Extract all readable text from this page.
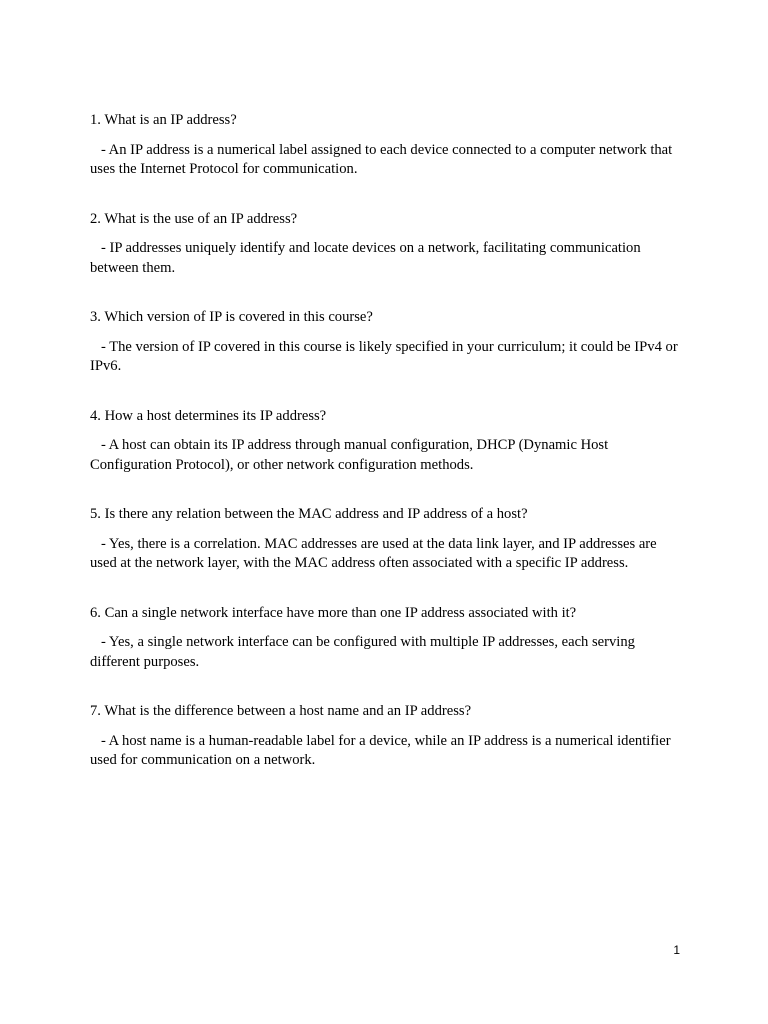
1. What is an IP address?

- An IP address is a numerical label assigned to each device connected to a computer network that uses the Internet Protocol for communication.

2. What is the use of an IP address?

- IP addresses uniquely identify and locate devices on a network, facilitating communication between them.

3. Which version of IP is covered in this course?

- The version of IP covered in this course is likely specified in your curriculum; it could be IPv4 or IPv6.

4. How a host determines its IP address?

- A host can obtain its IP address through manual configuration, DHCP (Dynamic Host Configuration Protocol), or other network configuration methods.

5. Is there any relation between the MAC address and IP address of a host?

- Yes, there is a correlation. MAC addresses are used at the data link layer, and IP addresses are used at the network layer, with the MAC address often associated with a specific IP address.

6. Can a single network interface have more than one IP address associated with it?

- Yes, a single network interface can be configured with multiple IP addresses, each serving different purposes.

7. What is the difference between a host name and an IP address?

- A host name is a human-readable label for a device, while an IP address is a numerical identifier used for communication on a network.

1
